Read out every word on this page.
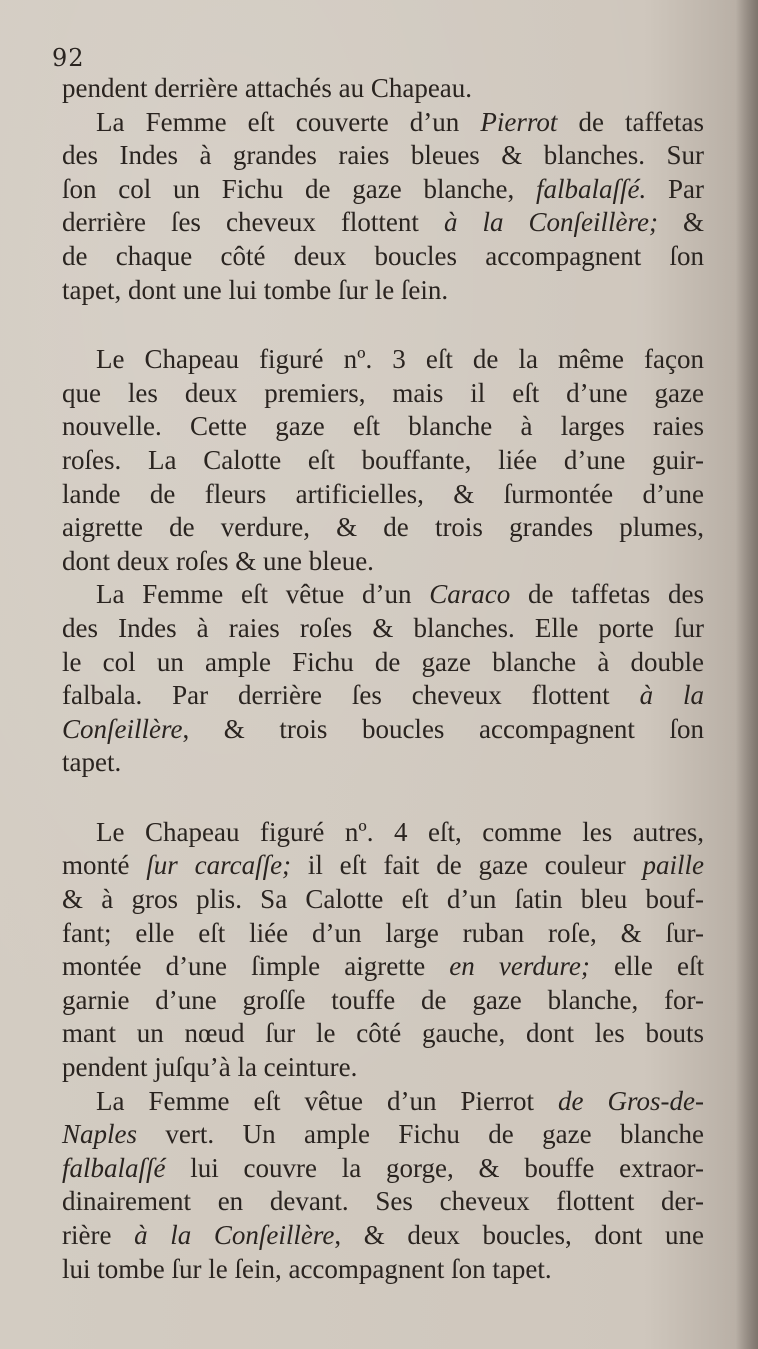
92
pendent derrière attachés au Chapeau.
La Femme eſt couverte d’un Pierrot de taffetas
des Indes à grandes raies bleues & blanches. Sur
ſon col un Fichu de gaze blanche, falbalaſſé. Par
derrière ſes cheveux flottent à la Conſeillère; &
de chaque côté deux boucles accompagnent ſon
tapet, dont une lui tombe ſur le ſein.
Le Chapeau figuré nº. 3 eſt de la même façon
que les deux premiers, mais il eſt d’une gaze
nouvelle. Cette gaze eſt blanche à larges raies
roſes. La Calotte eſt bouffante, liée d’une guir-
lande de fleurs artificielles, & ſurmontée d’une
aigrette de verdure, & de trois grandes plumes,
dont deux roſes & une bleue.
La Femme eſt vêtue d’un Caraco de taffetas des
des Indes à raies roſes & blanches. Elle porte ſur
le col un ample Fichu de gaze blanche à double
falbala. Par derrière ſes cheveux flottent à la
Conſeillère, & trois boucles accompagnent ſon
tapet.
Le Chapeau figuré nº. 4 eſt, comme les autres,
monté ſur carcaſſe; il eſt fait de gaze couleur paille
& à gros plis. Sa Calotte eſt d’un ſatin bleu bouf-
fant; elle eſt liée d’un large ruban roſe, & ſur-
montée d’une ſimple aigrette en verdure; elle eſt
garnie d’une groſſe touffe de gaze blanche, for-
mant un nœud ſur le côté gauche, dont les bouts
pendent juſqu’à la ceinture.
La Femme eſt vêtue d’un Pierrot de Gros-de-
Naples vert. Un ample Fichu de gaze blanche
falbalaſſé lui couvre la gorge, & bouffe extraor-
dinairement en devant. Ses cheveux flottent der-
rière à la Conſeillère, & deux boucles, dont une
lui tombe ſur le ſein, accompagnent ſon tapet.
